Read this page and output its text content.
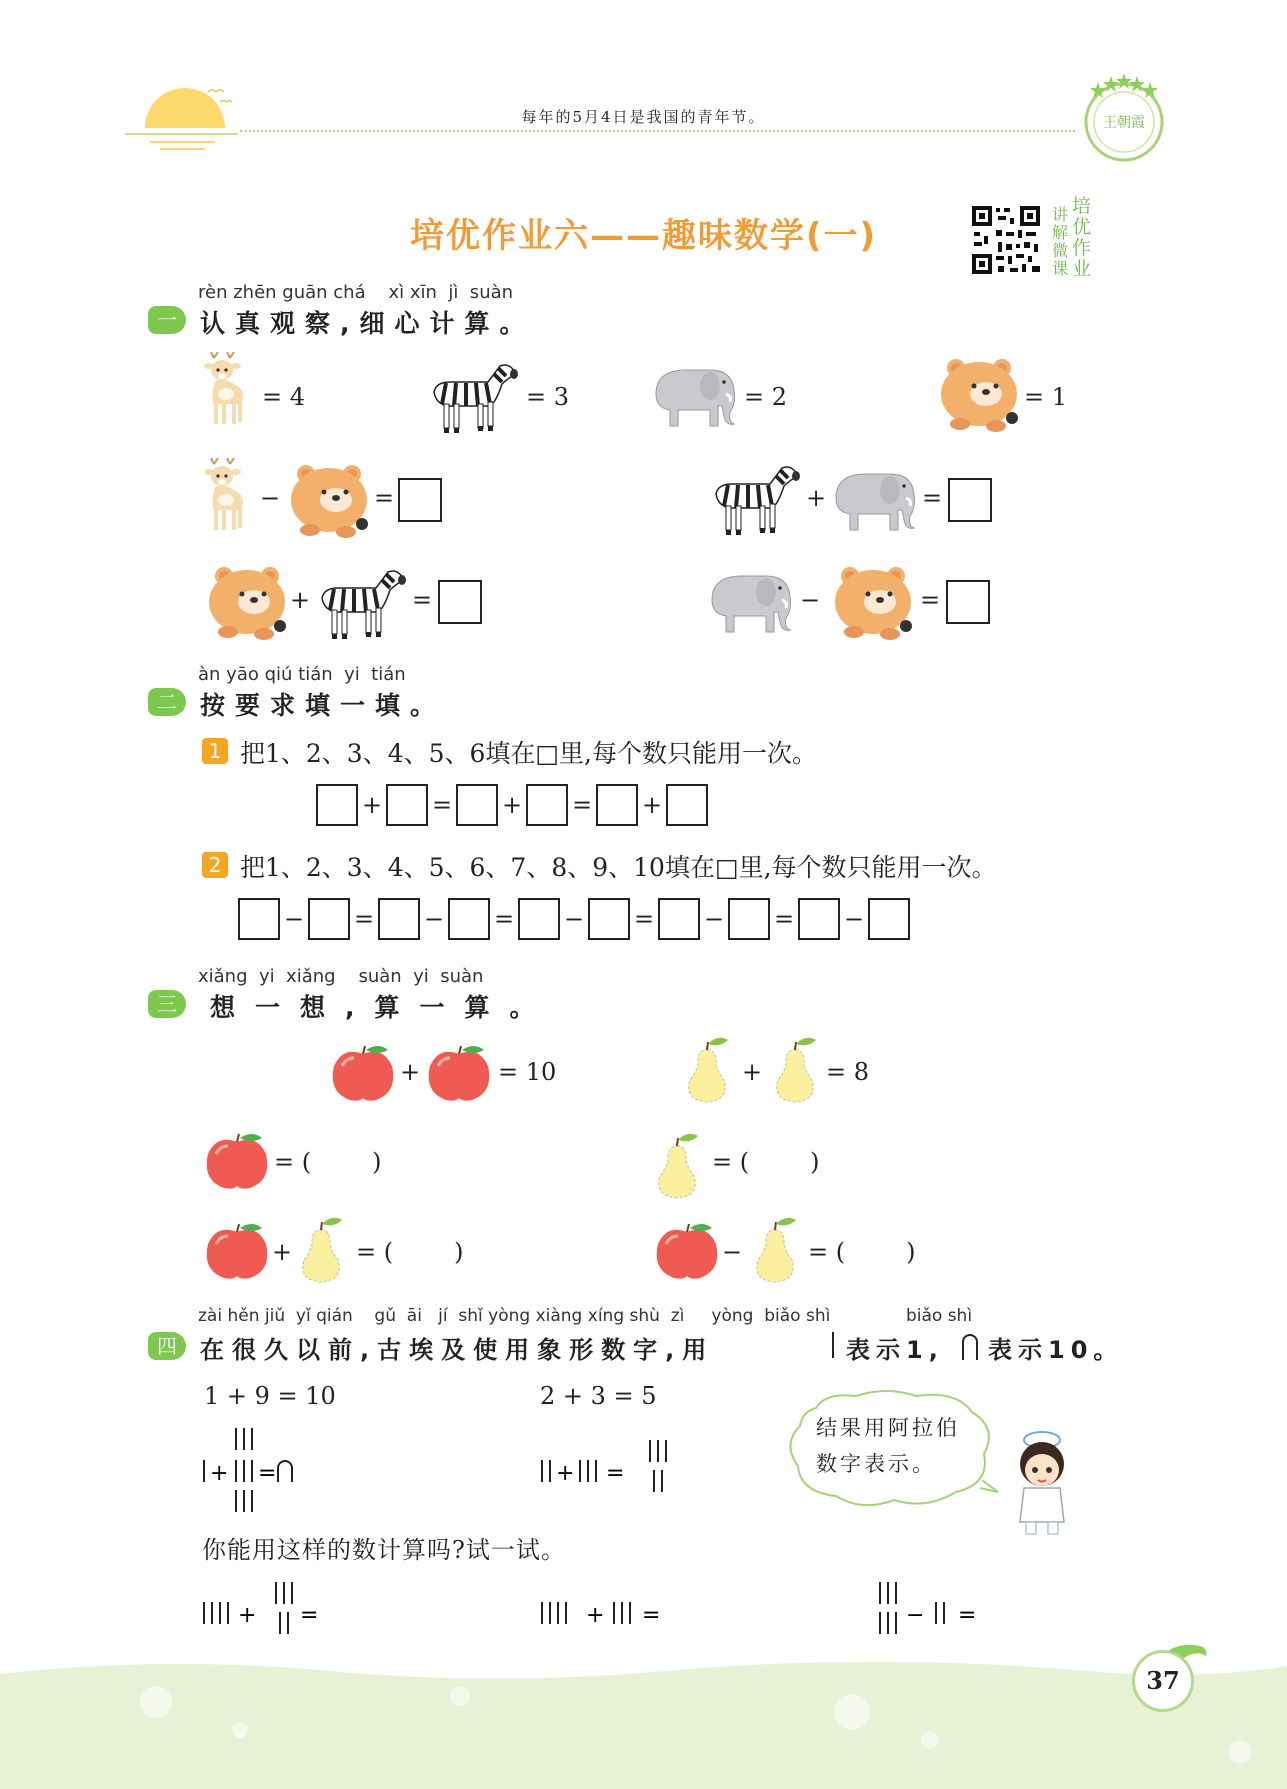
每年的5月4日是我国的青年节。	王朝霞
培优作业六——趣味数学(一)
讲解微课
培优作业
rèn zhēn guān chá    xì xīn  jì  suàn
一 认真观察,细心计算。
= 4	= 3	= 2	= 1
−	=	+	=
+	=	−	=
àn yāo qiú tián  yi  tián
二 按要求填一填。
1 把1、2、3、4、5、6填在□里,每个数只能用一次。
+ = + = +
2 把1、2、3、4、5、6、7、8、9、10填在□里,每个数只能用一次。
− = − = − = − = −
xiǎng  yi  xiǎng    suàn  yi  suàn
三	想一想,算一算。
+	= 10	+	= 8
= (        )	= (        )
+	= (        )	−	= (        )
zài hěn jiǔ  yǐ qián    gǔ  āi   jí  shǐ yòng xiàng xíng shù  zì     yòng  biǎo shì              biǎo shì
四 在很久以前,古埃及使用象形数字,用	表示1, 表示10。
1 + 9 = 10	2 + 3 = 5
+ =	+ =
结果用阿拉伯数字表示。
你能用这样的数计算吗?试一试。
+ =	+ =	− =
37
